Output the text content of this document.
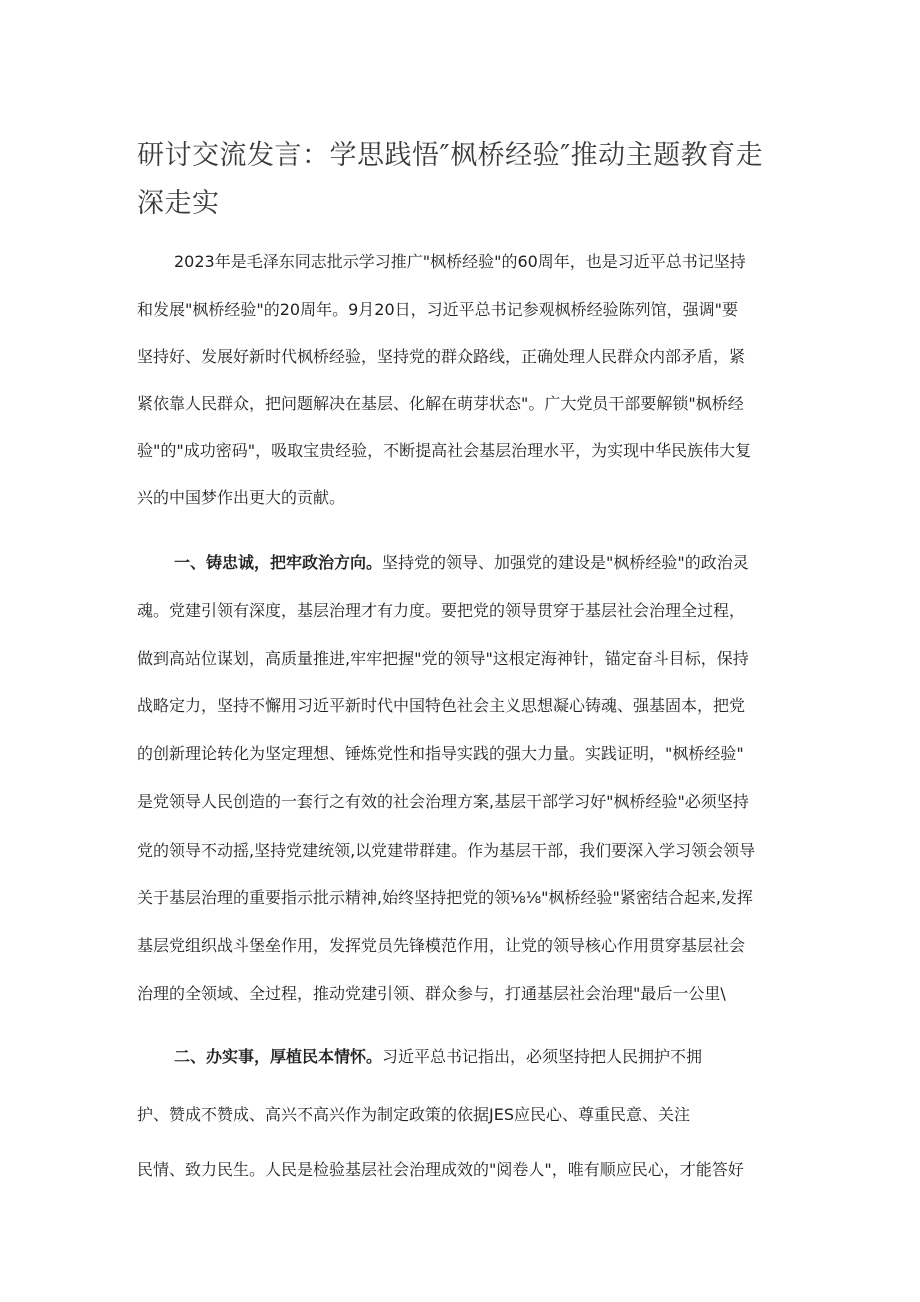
研讨交流发言：学思践悟″枫桥经验″推动主题教育走
深走实
2023年是毛泽东同志批示学习推广"枫桥经验"的60周年，也是习近平总书记坚持
和发展"枫桥经验"的20周年。9月20日，习近平总书记参观枫桥经验陈列馆，强调"要
坚持好、发展好新时代枫桥经验，坚持党的群众路线，正确处理人民群众内部矛盾，紧
紧依靠人民群众，把问题解决在基层、化解在萌芽状态"。广大党员干部要解锁"枫桥经
验"的"成功密码"，吸取宝贵经验，不断提高社会基层治理水平，为实现中华民族伟大复
兴的中国梦作出更大的贡献。
一、铸忠诚，把牢政治方向。坚持党的领导、加强党的建设是"枫桥经验"的政治灵
魂。党建引领有深度，基层治理才有力度。要把党的领导贯穿于基层社会治理全过程，
做到高站位谋划，高质量推进,牢牢把握"党的领导"这根定海神针，锚定奋斗目标，保持
战略定力，坚持不懈用习近平新时代中国特色社会主义思想凝心铸魂、强基固本，把党
的创新理论转化为坚定理想、锤炼党性和指导实践的强大力量。实践证明，"枫桥经验"
是党领导人民创造的一套行之有效的社会治理方案,基层干部学习好"枫桥经验"必须坚持
党的领导不动摇,坚持党建统领,以党建带群建。作为基层干部，我们要深入学习领会领导
关于基层治理的重要指示批示精神,始终坚持把党的领⅛⅛"枫桥经验"紧密结合起来,发挥
基层党组织战斗堡垒作用，发挥党员先锋模范作用，让党的领导核心作用贯穿基层社会
治理的全领域、全过程，推动党建引领、群众参与，打通基层社会治理"最后一公里\
二、办实事，厚植民本情怀。习近平总书记指出，必须坚持把人民拥护不拥
护、赞成不赞成、高兴不高兴作为制定政策的依据JES应民心、尊重民意、关注
民情、致力民生。人民是检验基层社会治理成效的"阅卷人"，唯有顺应民心，才能答好
